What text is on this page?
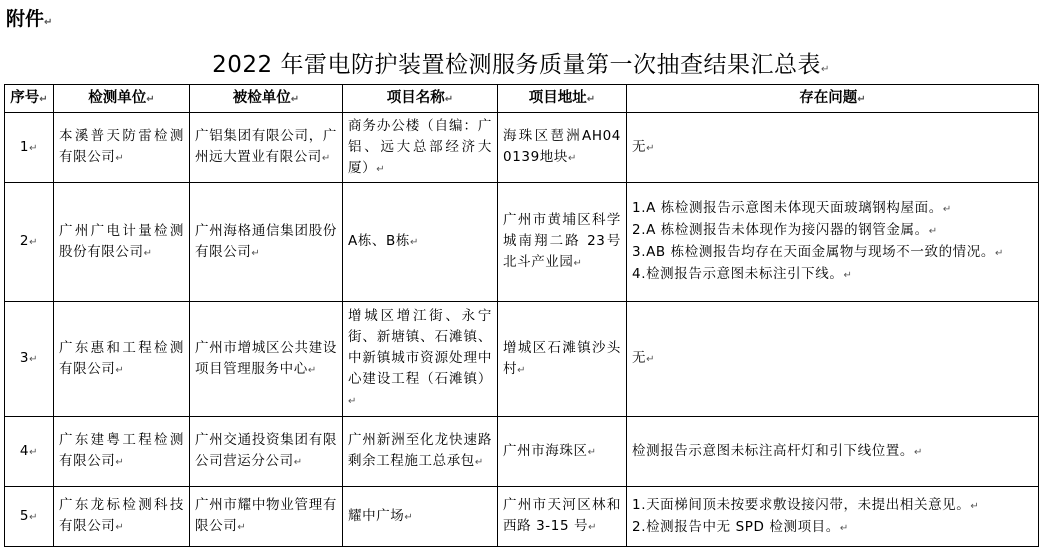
附件↵
2022 年雷电防护装置检测服务质量第一次抽查结果汇总表↵
序号↵	检测单位↵	被检单位↵	项目名称↵	项目地址↵	存在问题↵
1↵	本溪普天防雷检测有限公司↵	广铝集团有限公司，广州远大置业有限公司↵	商务办公楼（自编：广铝、远大总部经济大厦）↵	海珠区琶洲AH040139地块↵	无↵

2↵	广州广电计量检测股份有限公司↵	广州海格通信集团股份有限公司↵	A栋、B栋↵	广州市黄埔区科学城南翔二路 23号北斗产业园↵	1.A 栋检测报告示意图未体现天面玻璃钢构屋面。↵
2.A 栋检测报告未体现作为接闪器的钢管金属。↵
3.AB 栋检测报告均存在天面金属物与现场不一致的情况。↵
4.检测报告示意图未标注引下线。↵

3↵	广东惠和工程检测有限公司↵	广州市增城区公共建设项目管理服务中心↵	增城区增江街、永宁街、新塘镇、石滩镇、中新镇城市资源处理中心建设工程（石滩镇）↵	增城区石滩镇沙头村↵	无↵

4↵	广东建粤工程检测有限公司↵	广州交通投资集团有限公司营运分公司↵	广州新洲至化龙快速路剩余工程施工总承包↵	广州市海珠区↵	检测报告示意图未标注高杆灯和引下线位置。↵

5↵	广东龙标检测科技有限公司↵	广州市耀中物业管理有限公司↵	耀中广场↵	广州市天河区林和西路 3-15 号↵	1.天面梯间顶未按要求敷设接闪带，未提出相关意见。↵
2.检测报告中无 SPD 检测项目。↵
